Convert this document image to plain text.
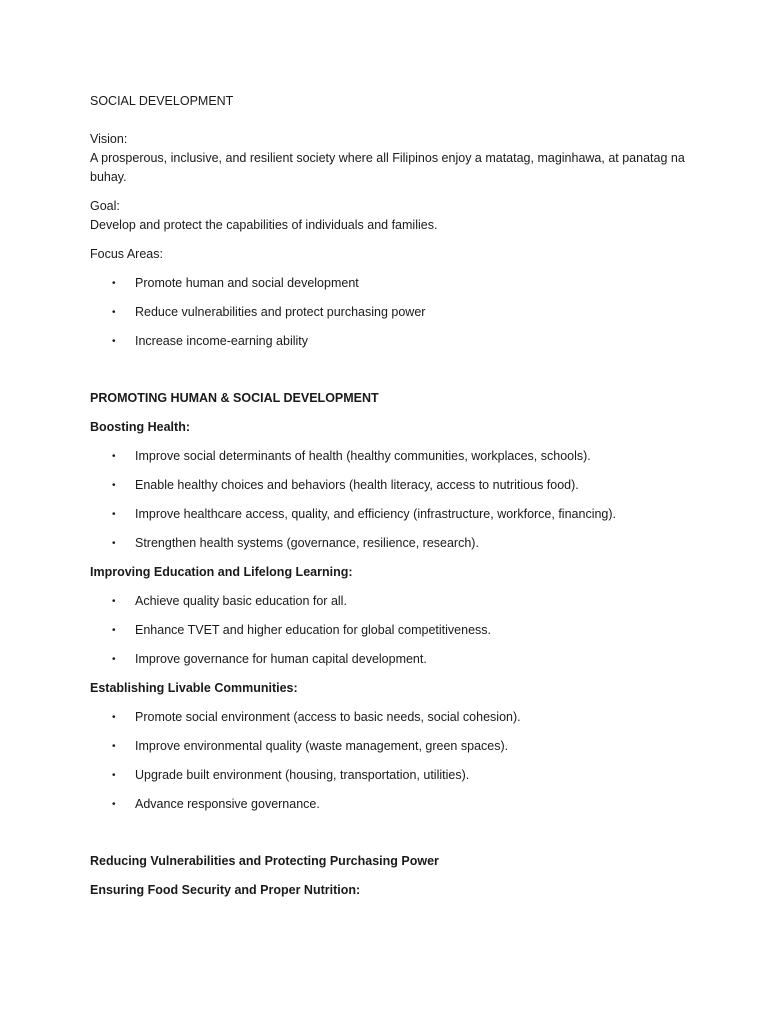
SOCIAL DEVELOPMENT

Vision:

A prosperous, inclusive, and resilient society where all Filipinos enjoy a matatag, maginhawa, at panatag na buhay.

Goal:

Develop and protect the capabilities of individuals and families.

Focus Areas:

• Promote human and social development
• Reduce vulnerabilities and protect purchasing power
• Increase income-earning ability

PROMOTING HUMAN & SOCIAL DEVELOPMENT

Boosting Health:

• Improve social determinants of health (healthy communities, workplaces, schools).
• Enable healthy choices and behaviors (health literacy, access to nutritious food).
• Improve healthcare access, quality, and efficiency (infrastructure, workforce, financing).
• Strengthen health systems (governance, resilience, research).

Improving Education and Lifelong Learning:

• Achieve quality basic education for all.
• Enhance TVET and higher education for global competitiveness.
• Improve governance for human capital development.

Establishing Livable Communities:

• Promote social environment (access to basic needs, social cohesion).
• Improve environmental quality (waste management, green spaces).
• Upgrade built environment (housing, transportation, utilities).
• Advance responsive governance.

Reducing Vulnerabilities and Protecting Purchasing Power

Ensuring Food Security and Proper Nutrition:
